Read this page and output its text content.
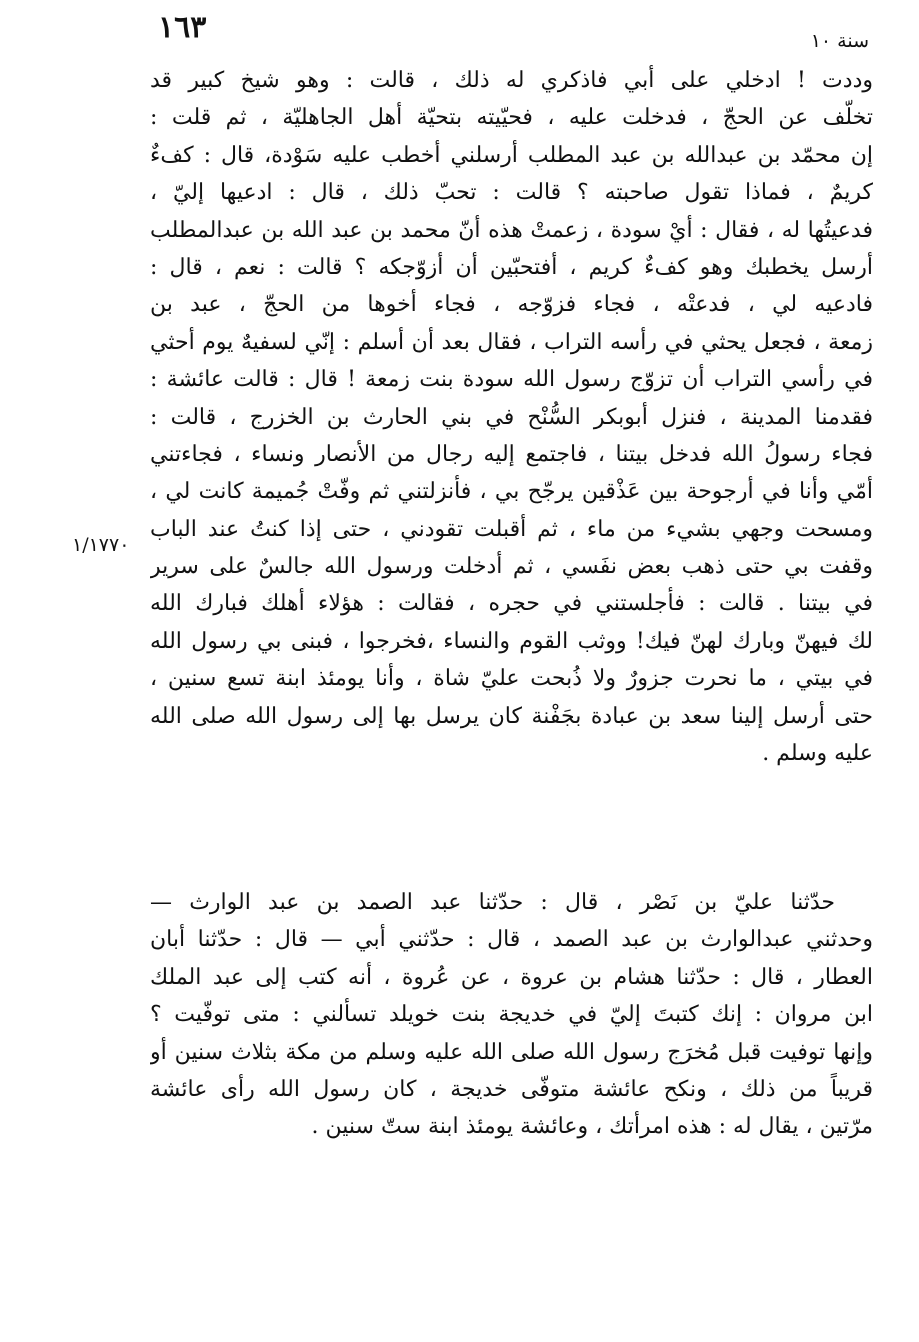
١٦٣	سنة ١٠
١/١٧٧٠
وددت ! ادخلي على أبي فاذكري له ذلك ، قالت : وهو شيخ كبير قد
تخلّف عن الحجّ ، فدخلت عليه ، فحيّيته بتحيّة أهل الجاهليّة ، ثم قلت :
إن محمّد بن عبدالله بن عبد المطلب أرسلني أخطب عليه سَوْدة، قال : كفءٌ
كريمٌ ، فماذا تقول صاحبته ؟ قالت : تحبّ ذلك ، قال : ادعيها إليّ ،
فدعيتُها له ، فقال : أيْ سودة ، زعمتْ هذه أنّ محمد بن عبد الله بن عبدالمطلب
أرسل يخطبك وهو كفءٌ كريم ، أفتحبّين أن أزوّجكه ؟ قالت : نعم ، قال :
فادعيه لي ، فدعتْه ، فجاء فزوّجه ، فجاء أخوها من الحجّ ، عبد بن
زمعة ، فجعل يحثي في رأسه التراب ، فقال بعد أن أسلم : إنّي لسفيهٌ يوم أحثي
في رأسي التراب أن تزوّج رسول الله سودة بنت زمعة ! قال : قالت عائشة :
فقدمنا المدينة ، فنزل أبوبكر السُّنْح في بني الحارث بن الخزرج ، قالت :
فجاء رسولُ الله فدخل بيتنا ، فاجتمع إليه رجال من الأنصار ونساء ، فجاءتني
أمّي وأنا في أرجوحة بين عَذْقين يرجّح بي ، فأنزلتني ثم وفّتْ جُميمة كانت لي ،
ومسحت وجهي بشيء من ماء ، ثم أقبلت تقودني ، حتى إذا كنتُ عند الباب
وقفت بي حتى ذهب بعض نفَسي ، ثم أدخلت ورسول الله جالسٌ على سرير
في بيتنا . قالت : فأجلستني في حجره ، فقالت : هؤلاء أهلك فبارك الله
لك فيهنّ وبارك لهنّ فيك! ووثب القوم والنساء ،فخرجوا ، فبنى بي رسول الله
في بيتي ، ما نحرت جزورٌ ولا ذُبحت عليّ شاة ، وأنا يومئذ ابنة تسع سنين ،
حتى أرسل إلينا سعد بن عبادة بجَفْنة كان يرسل بها إلى رسول الله صلى الله
عليه وسلم .
حدّثنا عليّ بن نَصْر ، قال : حدّثنا عبد الصمد بن عبد الوارث —
وحدثني عبدالوارث بن عبد الصمد ، قال : حدّثني أبي — قال : حدّثنا أبان
العطار ، قال : حدّثنا هشام بن عروة ، عن عُروة ، أنه كتب إلى عبد الملك
ابن مروان : إنك كتبتَ إليّ في خديجة بنت خويلد تسألني : متى توفّيت ؟
وإنها توفيت قبل مُخرَج رسول الله صلى الله عليه وسلم من مكة بثلاث سنين أو
قريباً من ذلك ، ونكح عائشة متوفّى خديجة ، كان رسول الله رأى عائشة
مرّتين ، يقال له : هذه امرأتك ، وعائشة يومئذ ابنة ستّ سنين .
